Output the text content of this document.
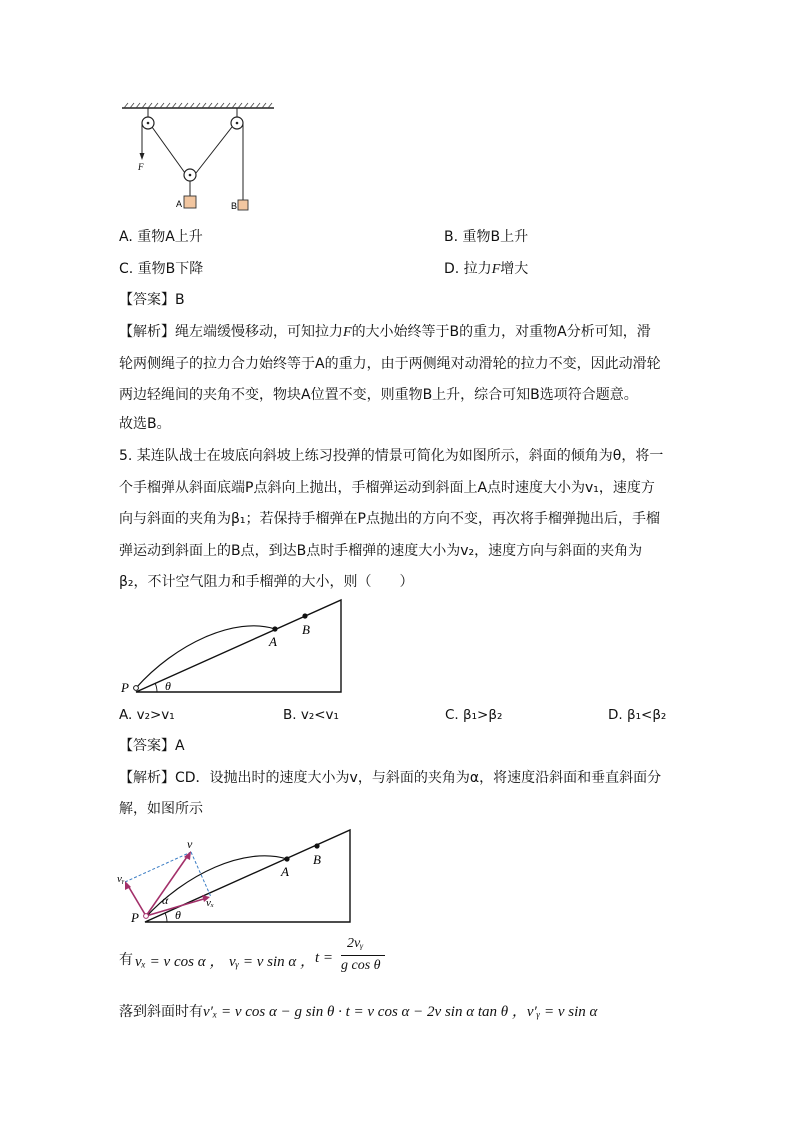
F
A	B
A. 重物A上升	B. 重物B上升
C. 重物B下降	D. 拉力F增大
【答案】B
【解析】绳左端缓慢移动，可知拉力F的大小始终等于B的重力，对重物A分析可知，滑
轮两侧绳子的拉力合力始终等于A的重力，由于两侧绳对动滑轮的拉力不变，因此动滑轮
两边轻绳间的夹角不变，物块A位置不变，则重物B上升，综合可知B选项符合题意。
故选B。
5. 某连队战士在坡底向斜坡上练习投弹的情景可简化为如图所示，斜面的倾角为θ，将一
个手榴弹从斜面底端P点斜向上抛出，手榴弹运动到斜面上A点时速度大小为v₁，速度方
向与斜面的夹角为β₁；若保持手榴弹在P点抛出的方向不变，再次将手榴弹抛出后，手榴
弹运动到斜面上的B点，到达B点时手榴弹的速度大小为v₂，速度方向与斜面的夹角为
β₂，不计空气阻力和手榴弹的大小，则（　　）
P
A
B
θ
A. v₂>v₁	B. v₂<v₁	C. β₁>β₂	D. β₁<β₂
【答案】A
【解析】CD．设抛出时的速度大小为v，与斜面的夹角为α，将速度沿斜面和垂直斜面分
解，如图所示
v
vᵧ
vₓ
α
θ
P
A
B
有 vₓ = v cos α ， vᵧ = v sin α ， t =
2vᵧ
g cos θ
落到斜面时有v′ₓ = v cos α − g sin θ · t = v cos α − 2v sin α tan θ ，v′ᵧ = v sin α
